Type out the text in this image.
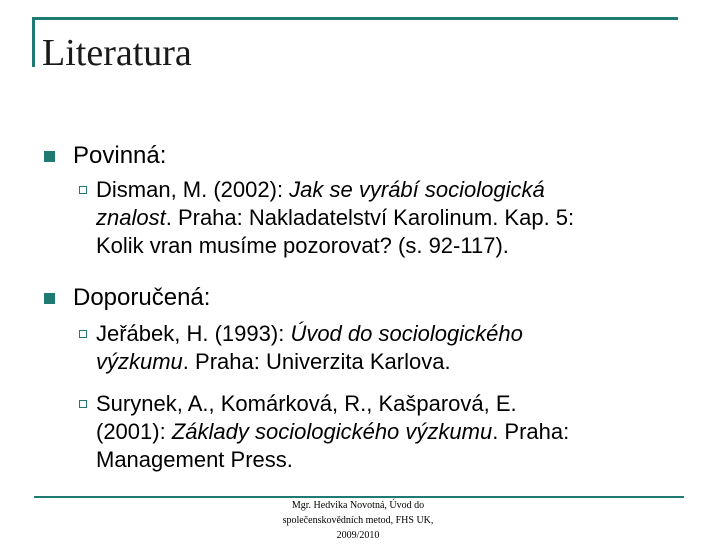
Literatura
Povinná:
Disman, M. (2002): Jak se vyrábí sociologická
znalost. Praha: Nakladatelství Karolinum. Kap. 5:
Kolik vran musíme pozorovat? (s. 92-117).
Doporučená:
Jeřábek, H. (1993): Úvod do sociologického
výzkumu. Praha: Univerzita Karlova.
Surynek, A., Komárková, R., Kašparová, E.
(2001): Základy sociologického výzkumu. Praha:
Management Press.
Mgr. Hedvika Novotná, Úvod do
společenskovědních metod, FHS UK,
2009/2010
